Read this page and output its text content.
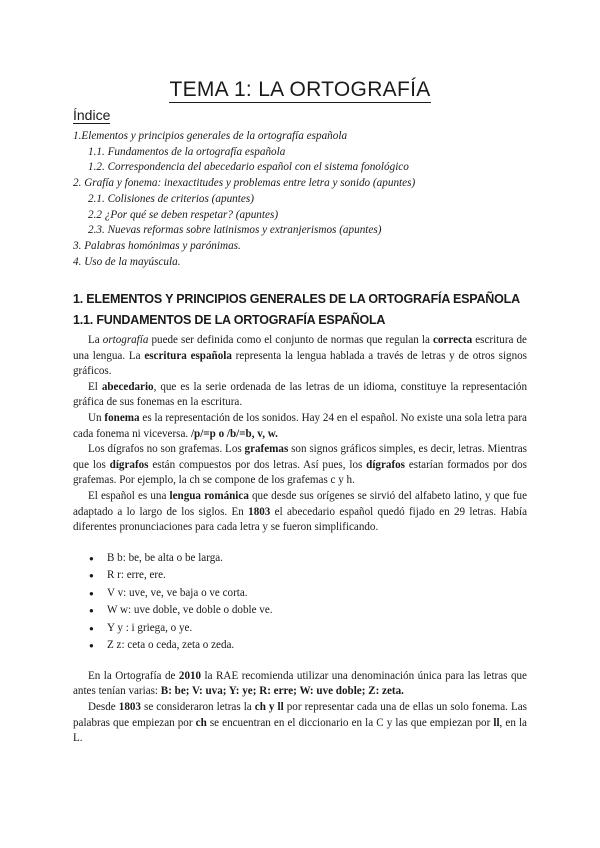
TEMA 1: LA ORTOGRAFÍA
Índice
1.Elementos y principios generales de la ortografía española
1.1. Fundamentos de la ortografía española
1.2. Correspondencia del abecedario español con el sistema fonológico
2. Grafía y fonema: inexactitudes y problemas entre letra y sonido (apuntes)
2.1. Colisiones de criterios (apuntes)
2.2 ¿Por qué se deben respetar? (apuntes)
2.3. Nuevas reformas sobre latinismos y extranjerismos (apuntes)
3. Palabras homónimas y parónimas.
4. Uso de la mayúscula.
1. ELEMENTOS Y PRINCIPIOS GENERALES DE LA ORTOGRAFÍA ESPAÑOLA
1.1. FUNDAMENTOS DE LA ORTOGRAFÍA ESPAÑOLA

La ortografía puede ser definida como el conjunto de normas que regulan la correcta escritura de una lengua. La escritura española representa la lengua hablada a través de letras y de otros signos gráficos.

El abecedario, que es la serie ordenada de las letras de un idioma, constituye la representación gráfica de sus fonemas en la escritura.

Un fonema es la representación de los sonidos. Hay 24 en el español. No existe una sola letra para cada fonema ni viceversa. /p/=p o /b/=b, v, w.

Los dígrafos no son grafemas. Los grafemas son signos gráficos simples, es decir, letras. Mientras que los dígrafos están compuestos por dos letras. Así pues, los dígrafos estarían formados por dos grafemas. Por ejemplo, la ch se compone de los grafemas c y h.

El español es una lengua románica que desde sus orígenes se sirvió del alfabeto latino, y que fue adaptado a lo largo de los siglos. En 1803 el abecedario español quedó fijado en 29 letras. Había diferentes pronunciaciones para cada letra y se fueron simplificando.

● B b: be, be alta o be larga.
● R r: erre, ere.
● V v: uve, ve, ve baja o ve corta.
● W w: uve doble, ve doble o doble ve.
● Y y : i griega, o ye.
● Z z: ceta o ceda, zeta o zeda.

En la Ortografía de 2010 la RAE recomienda utilizar una denominación única para las letras que antes tenían varias: B: be; V: uva; Y: ye; R: erre; W: uve doble; Z: zeta.

Desde 1803 se consideraron letras la ch y ll por representar cada una de ellas un solo fonema. Las palabras que empiezan por ch se encuentran en el diccionario en la C y las que empiezan por ll, en la L.
